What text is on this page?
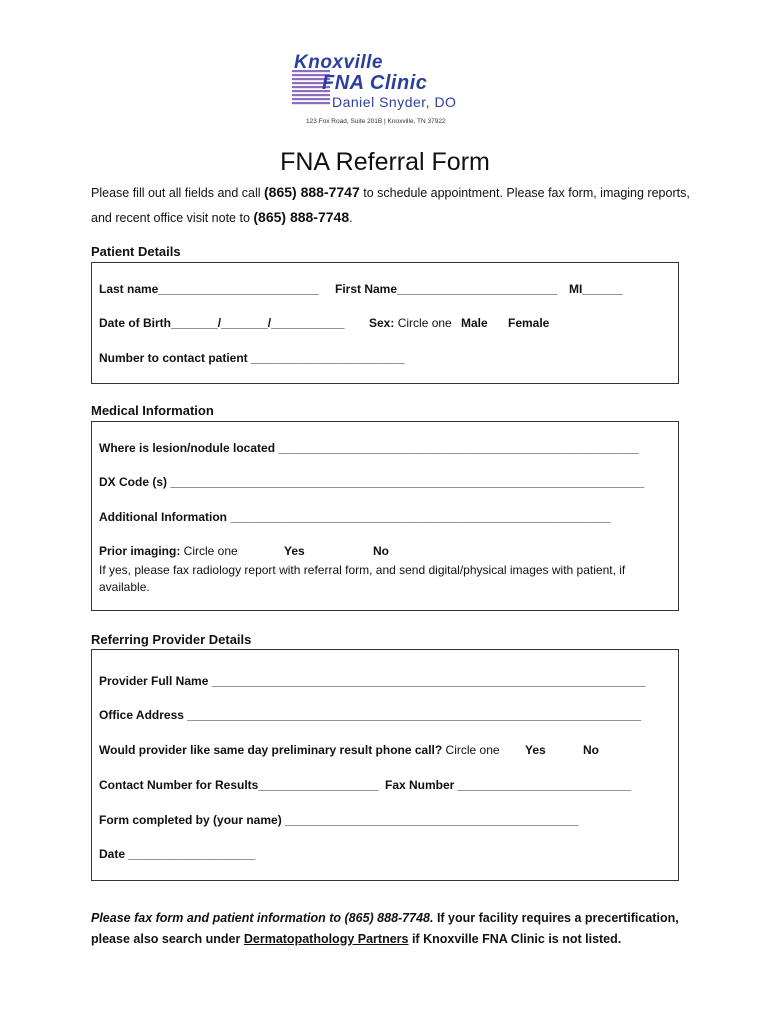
Knoxville
FNA Clinic
Daniel Snyder, DO
123 Fox Road, Suite 201B | Knoxville, TN 37922
FNA Referral Form
Please fill out all fields and call (865) 888-7747 to schedule appointment. Please fax form, imaging reports, and recent office visit note to (865) 888-7748.
Patient Details
Last name________________________ First Name________________________ MI______
Date of Birth_______/_______/___________ Sex: Circle one Male Female
Number to contact patient _______________________
Medical Information
Where is lesion/nodule located ______________________________________________________
DX Code (s) _______________________________________________________________________
Additional Information _________________________________________________________
Prior imaging: Circle one	Yes	No
If yes, please fax radiology report with referral form, and send digital/physical images with patient, if available.
Referring Provider Details
Provider Full Name _________________________________________________________________
Office Address ____________________________________________________________________
Would provider like same day preliminary result phone call? Circle one Yes	No
Contact Number for Results__________________ Fax Number __________________________
Form completed by (your name) ____________________________________________
Date ___________________
Please fax form and patient information to (865) 888-7748. If your facility requires a precertification, please also search under Dermatopathology Partners if Knoxville FNA Clinic is not listed.
